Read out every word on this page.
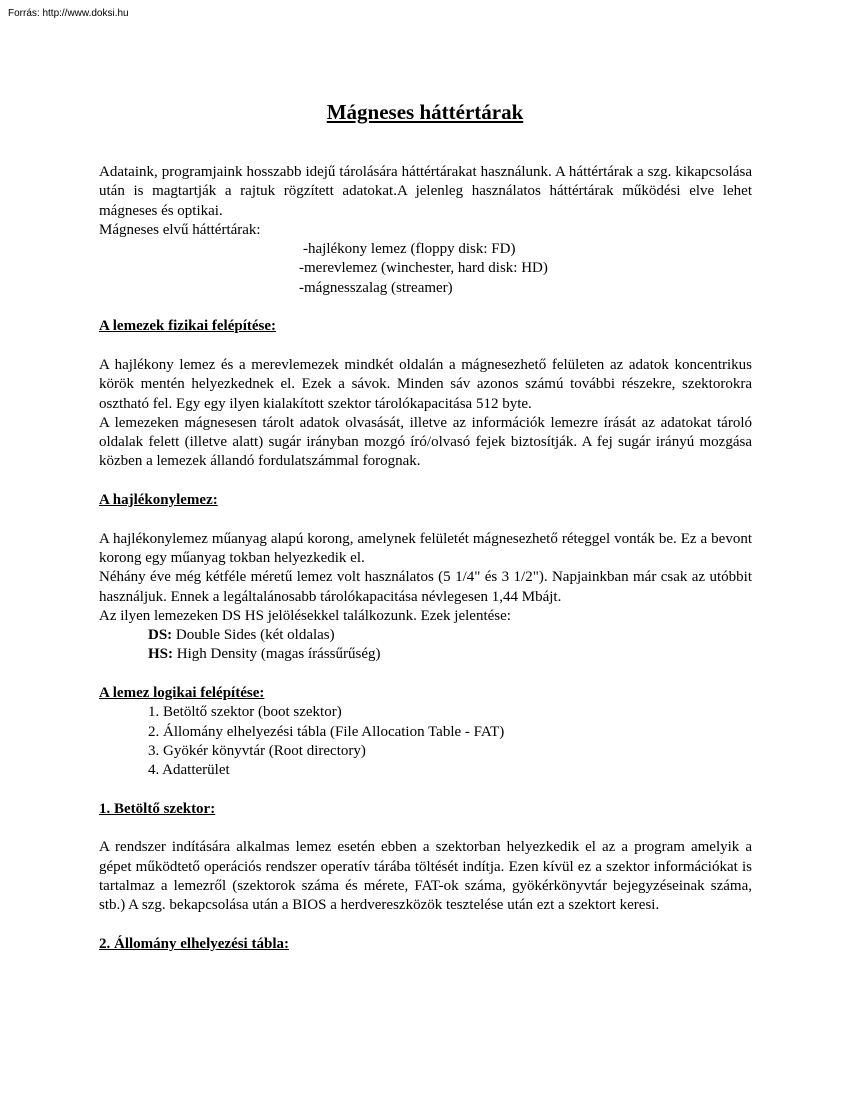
Forrás: http://www.doksi.hu
Mágneses háttértárak

Adataink, programjaink hosszabb idejű tárolására háttértárakat használunk. A háttértárak a szg. kikapcsolása után is magtartják a rajtuk rögzített adatokat.A jelenleg használatos háttértárak működési elve lehet mágneses és optikai.

Mágneses elvű háttértárak:
-hajlékony lemez (floppy disk: FD)
-merevlemez (winchester, hard disk: HD)
-mágnesszalag (streamer)
A lemezek fizikai felépítése:

A hajlékony lemez és a merevlemezek mindkét oldalán a mágnesezhető felületen az adatok koncentrikus körök mentén helyezkednek el. Ezek a sávok. Minden sáv azonos számú további részekre, szektorokra osztható fel. Egy egy ilyen kialakított szektor tárolókapacitása 512 byte.

A lemezeken mágnesesen tárolt adatok olvasását, illetve az információk lemezre írását az adatokat tároló oldalak felett (illetve alatt) sugár irányban mozgó író/olvasó fejek biztosítják. A fej sugár irányú mozgása közben a lemezek állandó fordulatszámmal forognak.

A hajlékonylemez:

A hajlékonylemez műanyag alapú korong, amelynek felületét mágnesezhető réteggel vonták be. Ez a bevont korong egy műanyag tokban helyezkedik el.

Néhány éve még kétféle méretű lemez volt használatos (5 1/4" és 3 1/2"). Napjainkban már csak az utóbbit használjuk. Ennek a legáltalánosabb tárolókapacitása névlegesen 1,44 Mbájt.

Az ilyen lemezeken DS HS jelölésekkel találkozunk. Ezek jelentése:
DS: Double Sides (két oldalas)
HS: High Density (magas írássűrűség)
A lemez logikai felépítése:
1. Betöltő szektor (boot szektor)
2. Állomány elhelyezési tábla (File Allocation Table - FAT)
3. Gyökér könyvtár (Root directory)
4. Adatterület
1. Betöltő szektor:

A rendszer indítására alkalmas lemez esetén ebben a szektorban helyezkedik el az a program amelyik a gépet működtető operációs rendszer operatív tárába töltését indítja. Ezen kívül ez a szektor információkat is tartalmaz a lemezről (szektorok száma és mérete, FAT-ok száma, gyökérkönyvtár bejegyzéseinak száma, stb.) A szg. bekapcsolása után a BIOS a herdvereszközök tesztelése után ezt a szektort keresi.

2. Állomány elhelyezési tábla:
